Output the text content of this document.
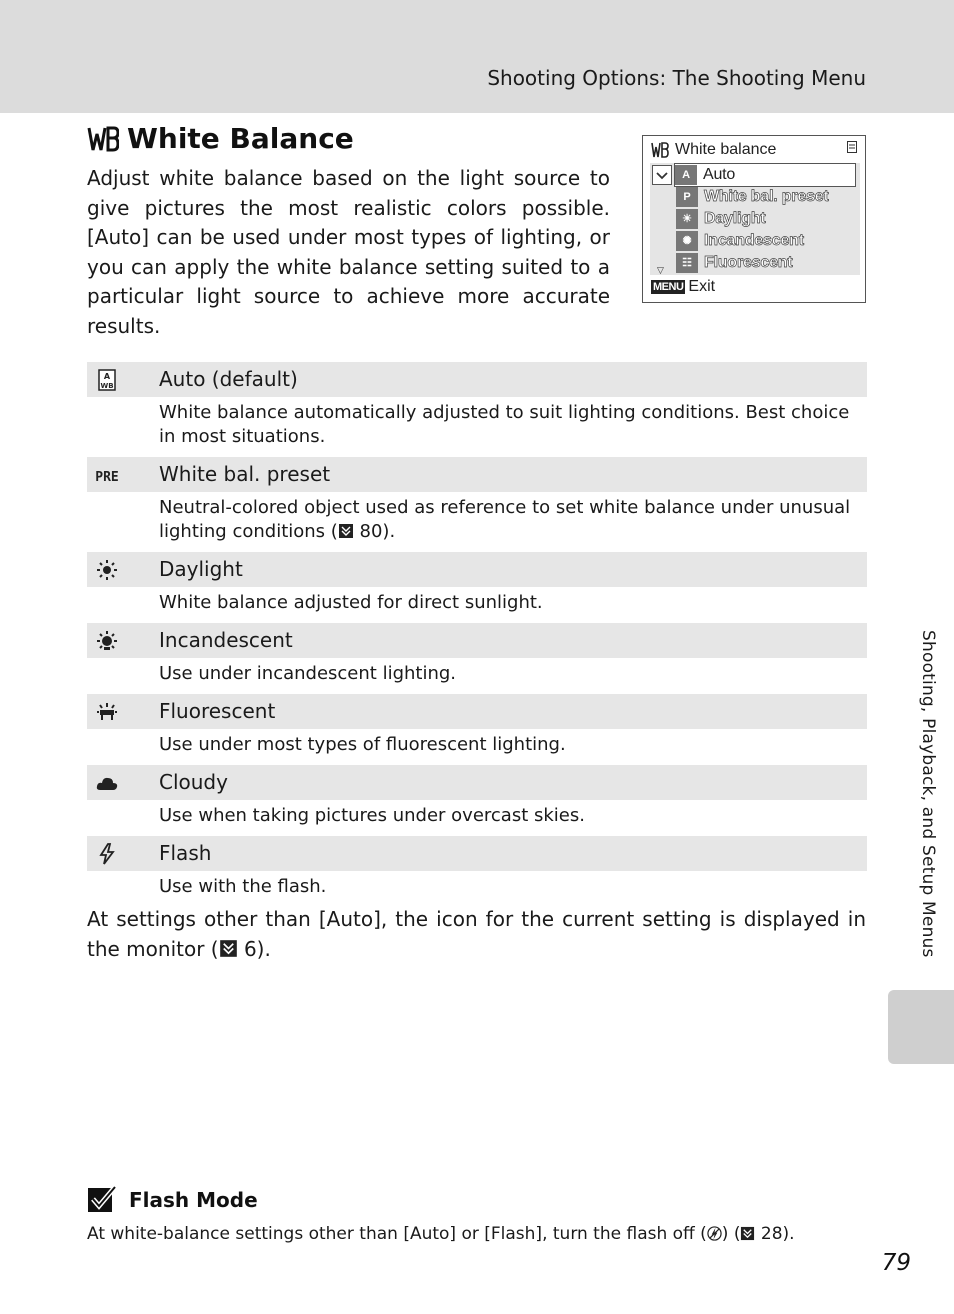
Shooting Options: The Shooting Menu
White Balance
Adjust white balance based on the light source to give pictures the most realistic colors possible. [Auto] can be used under most types of lighting, or you can apply the white balance setting suited to a particular light source to achieve more accurate results.
White balance
A Auto
P White bal. preset
☀ Daylight
✺ Incandescent
☷ Fluorescent
▽
MENU Exit
A
WB Auto (default)
White balance automatically adjusted to suit lighting conditions. Best choice in most situations.
PRE White bal. preset
Neutral-colored object used as reference to set white balance under unusual lighting conditions ( 80).
Daylight
White balance adjusted for direct sunlight.
Incandescent
Use under incandescent lighting.
Fluorescent
Use under most types of fluorescent lighting.
Cloudy
Use when taking pictures under overcast skies.
Flash
Use with the flash.
At settings other than [Auto], the icon for the current setting is displayed in the monitor ( 6).	Shooting, Playback, and Setup Menus
Flash Mode
At white-balance settings other than [Auto] or [Flash], turn the flash off ( ) ( 28).
79
